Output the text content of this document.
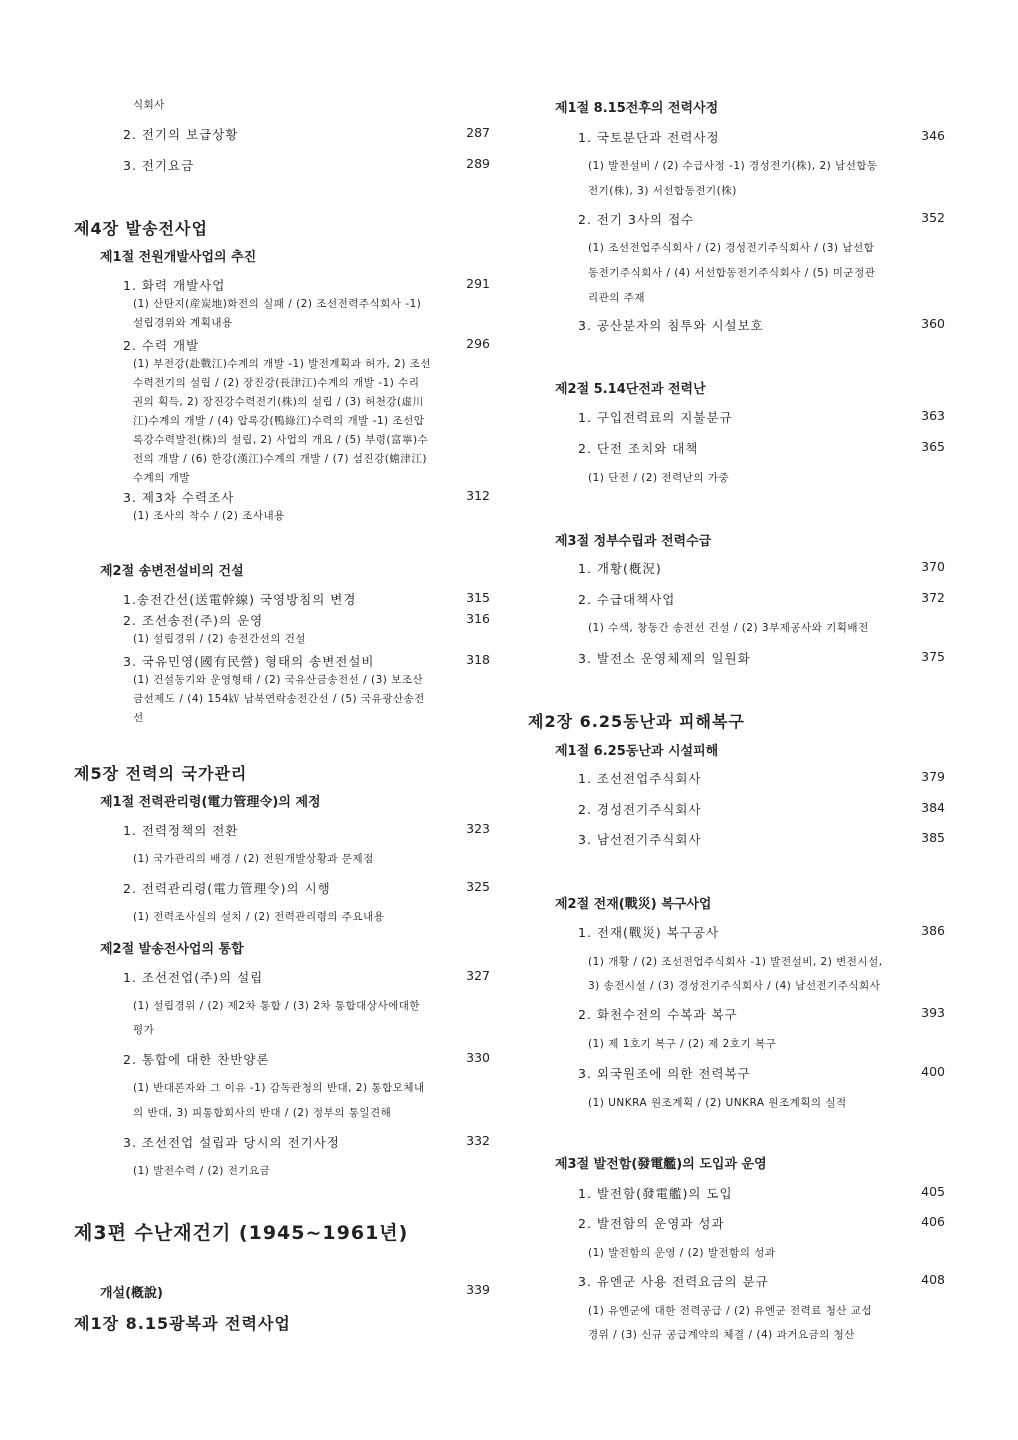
식회사
2. 전기의 보급상황	287
3. 전기요금	289
제4장 발송전사업
제1절 전원개발사업의 추진
1. 화력 개발사업	291
(1) 산탄지(産炭地)화전의 실패 / (2) 조선전력주식회사 -1)
설립경위와 계획내용
2. 수력 개발	296
(1) 부전강(赴戰江)수계의 개발 -1) 발전계획과 허가, 2) 조선
수력전기의 설립 / (2) 장진강(長津江)수계의 개발 -1) 수리
권의 획득, 2) 장진강수력전기(株)의 설립 / (3) 허천강(虛川
江)수계의 개발 / (4) 압록강(鴨綠江)수력의 개발 -1) 조선압
록강수력발전(株)의 설립, 2) 사업의 개요 / (5) 부령(富寧)수
전의 개발 / (6) 한강(漢江)수계의 개발 / (7) 섬진강(蟾津江)
수계의 개발
3. 제3차 수력조사	312
(1) 조사의 착수 / (2) 조사내용
제2절 송변전설비의 건설
1.송전간선(送電幹線) 국영방침의 변경	315
2. 조선송전(주)의 운영	316
(1) 설립경위 / (2) 송전간선의 건설
3. 국유민영(國有民營) 형태의 송변전설비	318
(1) 건설동기와 운영형태 / (2) 국유산금송전선 / (3) 보조산
금선제도 / (4) 154㎸ 남북연락송전간선 / (5) 국유광산송전
선
제5장 전력의 국가관리
제1절 전력관리령(電力管理令)의 제정
1. 전력정책의 전환	323
(1) 국가관리의 배경 / (2) 전원개발상황과 문제점
2. 전력관리령(電力管理令)의 시행	325
(1) 전력조사실의 설치 / (2) 전력관리령의 주요내용
제2절 발송전사업의 통합
1. 조선전업(주)의 설립	327
(1) 설립경위 / (2) 제2차 통합 / (3) 2차 통합대상사에대한
평가
2. 통합에 대한 찬반양론	330
(1) 반대론자와 그 이유 -1) 감독관청의 반대, 2) 통합모체내
의 반대, 3) 피통합회사의 반대 / (2) 정부의 통일견해
3. 조선전업 설립과 당시의 전기사정	332
(1) 발전수력 / (2) 전기요금
제3편 수난재건기 (1945~1961년)
개설(槪說)	339
제1장 8.15광복과 전력사업
제1절 8.15전후의 전력사정
1. 국토분단과 전력사정	346
(1) 발전설비 / (2) 수급사정 -1) 경성전기(株), 2) 남선합동
전기(株), 3) 서선합동전기(株)
2. 전기 3사의 접수	352
(1) 조선전업주식회사 / (2) 경성전기주식회사 / (3) 남선합
동전기주식회사 / (4) 서선합동전기주식회사 / (5) 미군정관
리관의 주재
3. 공산분자의 침투와 시설보호	360
제2절 5.14단전과 전력난
1. 구입전력료의 지불분규	363
2. 단전 조치와 대책	365
(1) 단전 / (2) 전력난의 가중
제3절 정부수립과 전력수급
1. 개황(槪況)	370
2. 수급대책사업	372
(1) 수색, 창동간 송전선 건설 / (2) 3부제공사와 기획배전
3. 발전소 운영체제의 일원화	375
제2장 6.25동난과 피해복구
제1절 6.25동난과 시설피해
1. 조선전업주식회사	379
2. 경성전기주식회사	384
3. 남선전기주식회사	385
제2절 전재(戰災) 복구사업
1. 전재(戰災) 복구공사	386
(1) 개황 / (2) 조선전업주식회사 -1) 발전설비, 2) 변전시설,
3) 송전시설 / (3) 경성전기주식회사 / (4) 남선전기주식회사
2. 화천수전의 수복과 복구	393
(1) 제 1호기 복구 / (2) 제 2호기 복구
3. 외국원조에 의한 전력복구	400
(1) UNKRA 원조계획 / (2) UNKRA 원조계획의 실적
제3절 발전함(發電艦)의 도입과 운영
1. 발전함(發電艦)의 도입	405
2. 발전함의 운영과 성과	406
(1) 발전함의 운영 / (2) 발전함의 성과
3. 유엔군 사용 전력요금의 분규	408
(1) 유엔군에 대한 전력공급 / (2) 유엔군 전력료 청산 교섭
경위 / (3) 신규 공급계약의 체결 / (4) 과거요금의 청산
